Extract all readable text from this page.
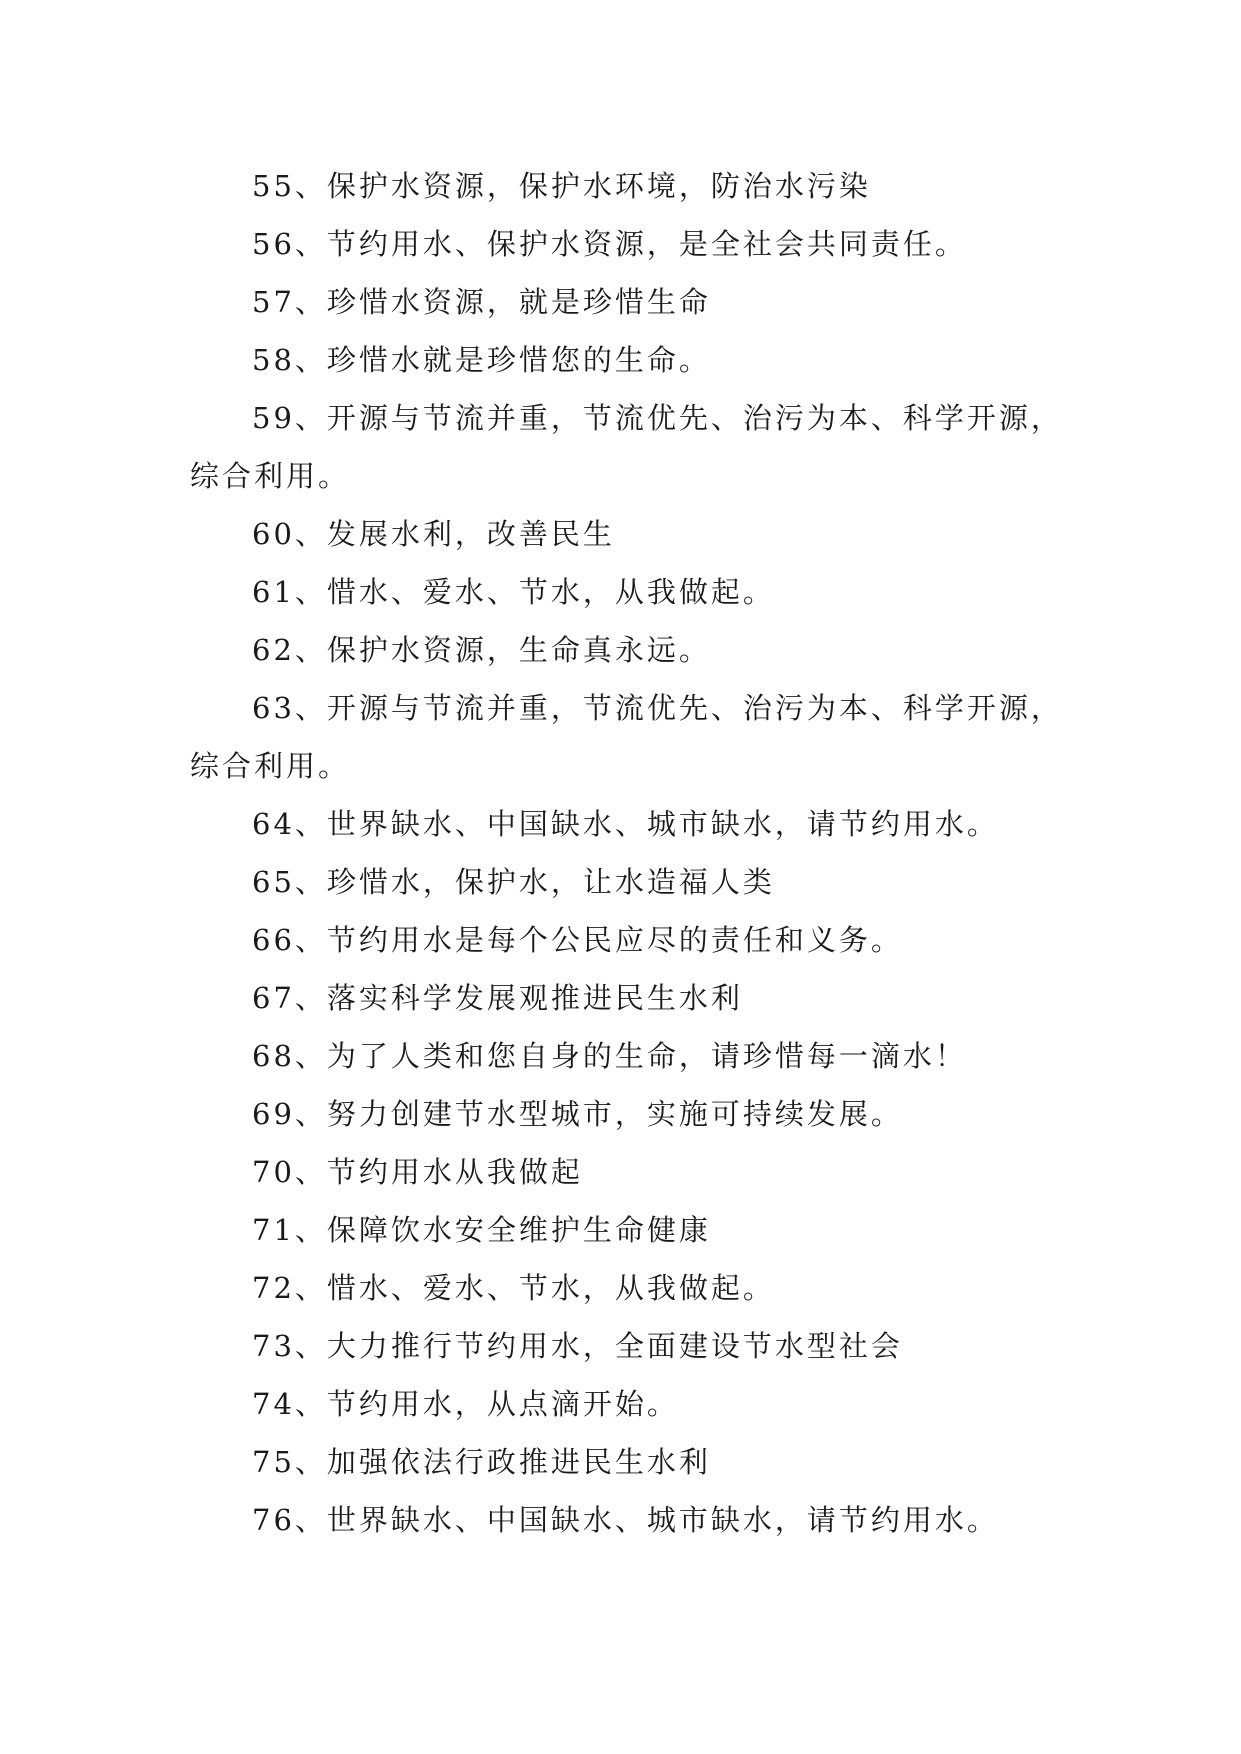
55、保护水资源，保护水环境，防治水污染

56、节约用水、保护水资源，是全社会共同责任。

57、珍惜水资源，就是珍惜生命

58、珍惜水就是珍惜您的生命。

59、开源与节流并重，节流优先、治污为本、科学开源，综合利用。

60、发展水利，改善民生

61、惜水、爱水、节水，从我做起。

62、保护水资源，生命真永远。

63、开源与节流并重，节流优先、治污为本、科学开源，综合利用。

64、世界缺水、中国缺水、城市缺水，请节约用水。

65、珍惜水，保护水，让水造福人类

66、节约用水是每个公民应尽的责任和义务。

67、落实科学发展观推进民生水利

68、为了人类和您自身的生命，请珍惜每一滴水！

69、努力创建节水型城市，实施可持续发展。

70、节约用水从我做起

71、保障饮水安全维护生命健康

72、惜水、爱水、节水，从我做起。

73、大力推行节约用水，全面建设节水型社会

74、节约用水，从点滴开始。

75、加强依法行政推进民生水利

76、世界缺水、中国缺水、城市缺水，请节约用水。
